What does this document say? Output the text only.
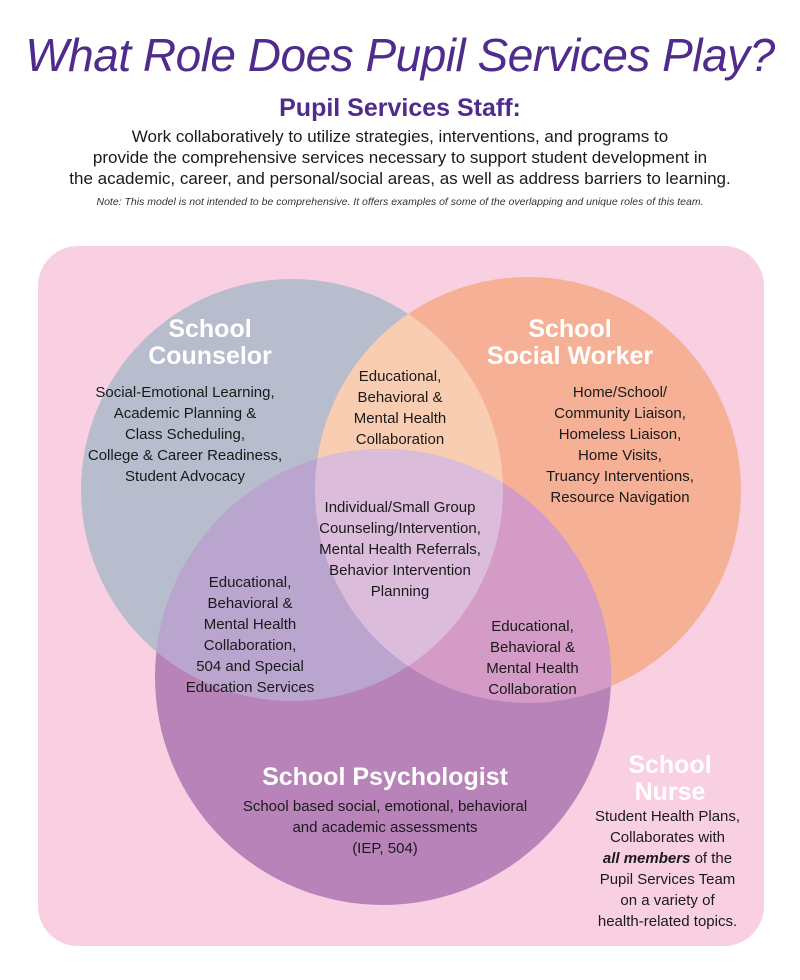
What Role Does Pupil Services Play?
Pupil Services Staff:
Work collaboratively to utilize strategies, interventions, and programs to
provide the comprehensive services necessary to support student development in
the academic, career, and personal/social areas, as well as address barriers to learning.
Note: This model is not intended to be comprehensive. It offers examples of some of the overlapping and unique roles of this team.
School
Counselor
Social-Emotional Learning,
Academic Planning &
Class Scheduling,
College & Career Readiness,
Student Advocacy
School
Social Worker
Home/School/
Community Liaison,
Homeless Liaison,
Home Visits,
Truancy Interventions,
Resource Navigation
Educational,
Behavioral &
Mental Health
Collaboration
Individual/Small Group
Counseling/Intervention,
Mental Health Referrals,
Behavior Intervention
Planning
Educational,
Behavioral &
Mental Health
Collaboration,
504 and Special
Education Services
Educational,
Behavioral &
Mental Health
Collaboration
School Psychologist
School based social, emotional, behavioral
and academic assessments
(IEP, 504)
School
Nurse
Student Health Plans,
Collaborates with
all members of the
Pupil Services Team
on a variety of
health-related topics.
